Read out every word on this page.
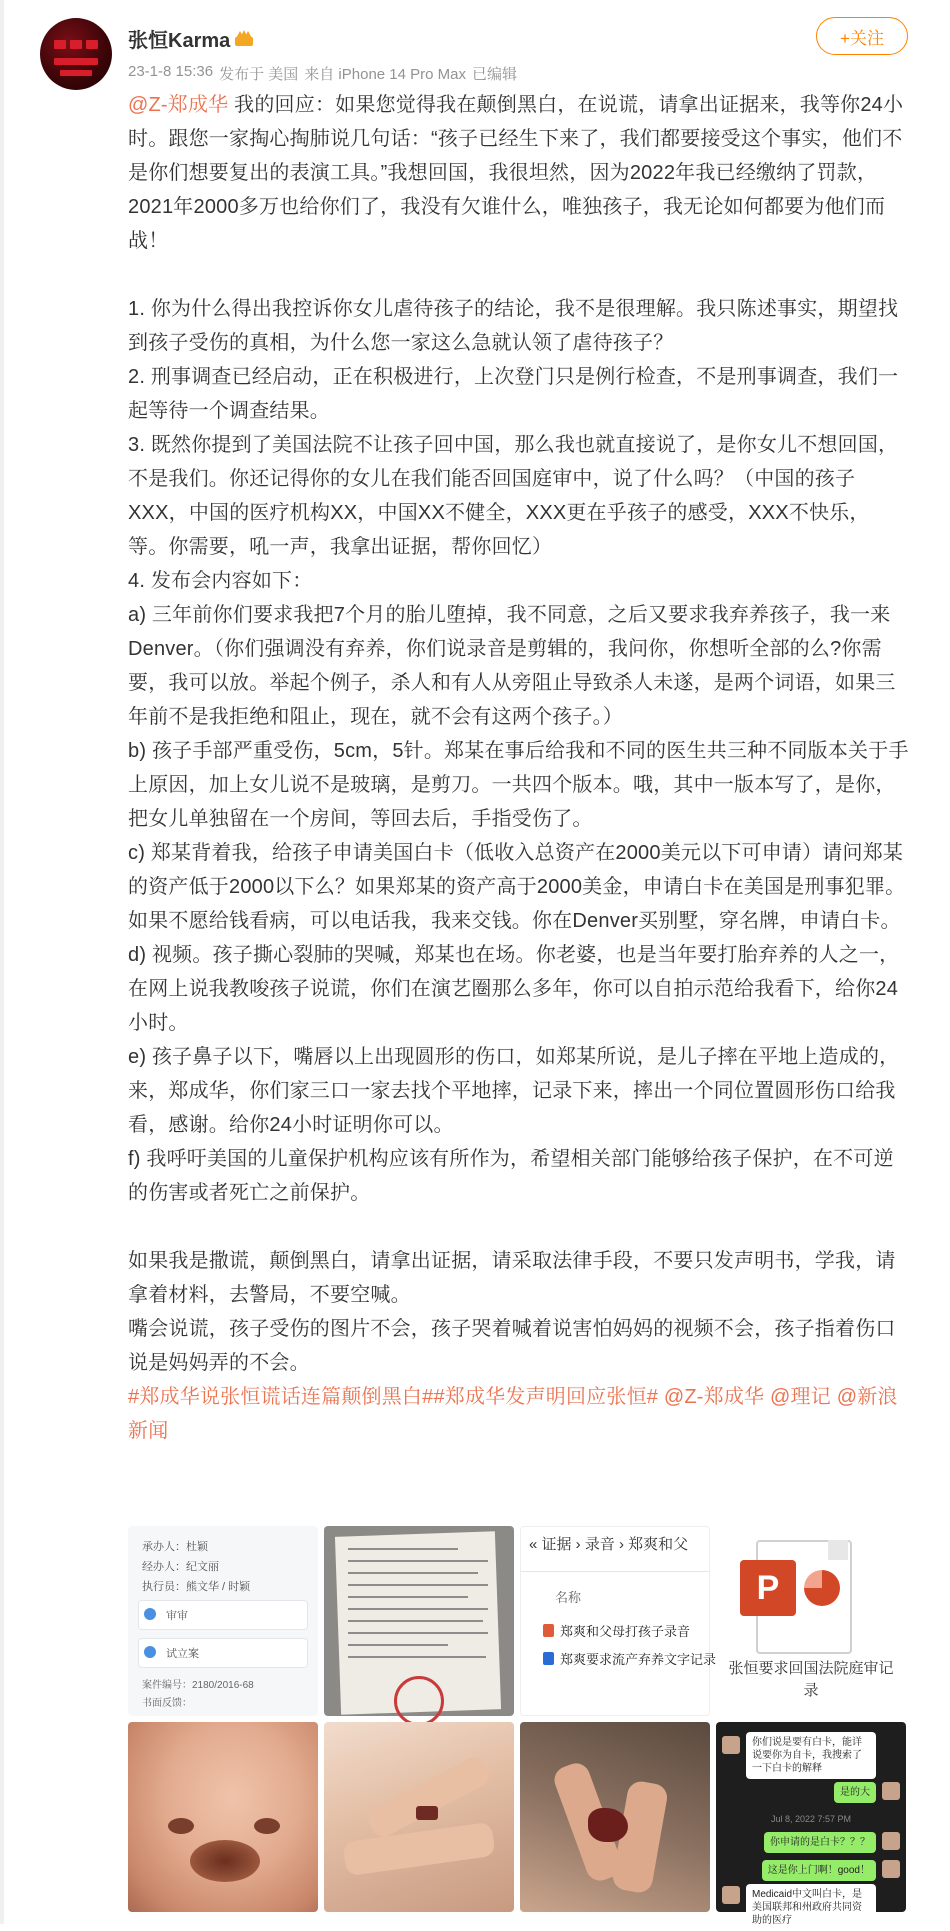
张恒Karma
23-1-8 15:36 发布于 美国 来自 iPhone 14 Pro Max 已编辑
+关注

@Z-郑成华 我的回应：如果您觉得我在颠倒黑白，在说谎，请拿出证据来，我等你24小时。跟您一家掏心掏肺说几句话：“孩子已经生下来了，我们都要接受这个事实，他们不是你们想要复出的表演工具。”我想回国，我很坦然，因为2022年我已经缴纳了罚款，2021年2000多万也给你们了，我没有欠谁什么，唯独孩子，我无论如何都要为他们而战！

1. 你为什么得出我控诉你女儿虐待孩子的结论，我不是很理解。我只陈述事实，期望找到孩子受伤的真相，为什么您一家这么急就认领了虐待孩子？

2. 刑事调查已经启动，正在积极进行，上次登门只是例行检查，不是刑事调查，我们一起等待一个调查结果。

3. 既然你提到了美国法院不让孩子回中国，那么我也就直接说了，是你女儿不想回国，不是我们。你还记得你的女儿在我们能否回国庭审中，说了什么吗？（中国的孩子XXX，中国的医疗机构XX，中国XX不健全，XXX更在乎孩子的感受，XXX不快乐，等。你需要，吼一声，我拿出证据，帮你回忆）

4. 发布会内容如下：

a) 三年前你们要求我把7个月的胎儿堕掉，我不同意，之后又要求我弃养孩子，我一来Denver。（你们强调没有弃养，你们说录音是剪辑的，我问你，你想听全部的么?你需要，我可以放。举起个例子，杀人和有人从旁阻止导致杀人未遂，是两个词语，如果三年前不是我拒绝和阻止，现在，就不会有这两个孩子。）

b) 孩子手部严重受伤，5cm，5针。郑某在事后给我和不同的医生共三种不同版本关于手上原因，加上女儿说不是玻璃，是剪刀。一共四个版本。哦，其中一版本写了，是你，把女儿单独留在一个房间，等回去后，手指受伤了。

c) 郑某背着我，给孩子申请美国白卡（低收入总资产在2000美元以下可申请）请问郑某的资产低于2000以下么？如果郑某的资产高于2000美金，申请白卡在美国是刑事犯罪。如果不愿给钱看病，可以电话我，我来交钱。你在Denver买别墅，穿名牌，申请白卡。

d) 视频。孩子撕心裂肺的哭喊，郑某也在场。你老婆，也是当年要打胎弃养的人之一，在网上说我教唆孩子说谎，你们在演艺圈那么多年，你可以自拍示范给我看下，给你24小时。

e) 孩子鼻子以下，嘴唇以上出现圆形的伤口，如郑某所说，是儿子摔在平地上造成的，来，郑成华，你们家三口一家去找个平地摔，记录下来，摔出一个同位置圆形伤口给我看，感谢。给你24小时证明你可以。

f) 我呼吁美国的儿童保护机构应该有所作为，希望相关部门能够给孩子保护，在不可逆的伤害或者死亡之前保护。

如果我是撒谎，颠倒黑白，请拿出证据，请采取法律手段，不要只发声明书，学我，请拿着材料，去警局，不要空喊。

嘴会说谎，孩子受伤的图片不会，孩子哭着喊着说害怕妈妈的视频不会，孩子指着伤口说是妈妈弄的不会。

#郑成华说张恒谎话连篇颠倒黑白##郑成华发声明回应张恒# @Z-郑成华 @理记 @新浪新闻

承办人：杜颖
经办人：纪文丽
执行员：熊文华 / 时颖
审审
试立案
案件编号：2180/2016-68
书面反馈：
« 证据 › 录音 › 郑爽和父
名称
郑爽和父母打孩子录音
郑爽要求流产弃养文字记录
P
张恒要求回国法院庭审记录
你们说是要有白卡，能详说要你为自卡，我搜索了一下白卡的解释
是的大
Jul 8, 2022 7:57 PM
你申请的是白卡？？？
这是你上门啊！good！
Medicaid中文叫白卡，是美国联邦和州政府共同资助的医疗
